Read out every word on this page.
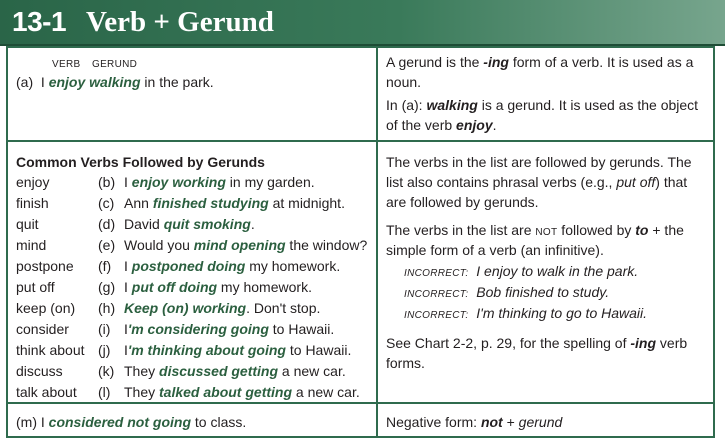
13-1 Verb + Gerund
VERB GERUND
(a) I enjoy walking in the park.
A gerund is the -ing form of a verb. It is used as a
noun.
In (a): walking is a gerund. It is used as the object
of the verb enjoy.
Common Verbs Followed by Gerunds
enjoy
finish
quit
mind
postpone
put off
keep (on)
consider
think about
discuss
talk about
(b) I enjoy working in my garden.
(c) Ann finished studying at midnight.
(d) David quit smoking.
(e) Would you mind opening the window?
(f) I postponed doing my homework.
(g) I put off doing my homework.
(h) Keep (on) working. Don't stop.
(i) I'm considering going to Hawaii.
(j) I'm thinking about going to Hawaii.
(k) They discussed getting a new car.
(l) They talked about getting a new car.
The verbs in the list are followed by gerunds. The
list also contains phrasal verbs (e.g., put off) that
are followed by gerunds.
The verbs in the list are NOT followed by to + the
simple form of a verb (an infinitive).
INCORRECT: I enjoy to walk in the park.
INCORRECT: Bob finished to study.
INCORRECT: I'm thinking to go to Hawaii.
See Chart 2-2, p. 29, for the spelling of -ing verb
forms.
(m) I considered not going to class.	Negative form: not + gerund
